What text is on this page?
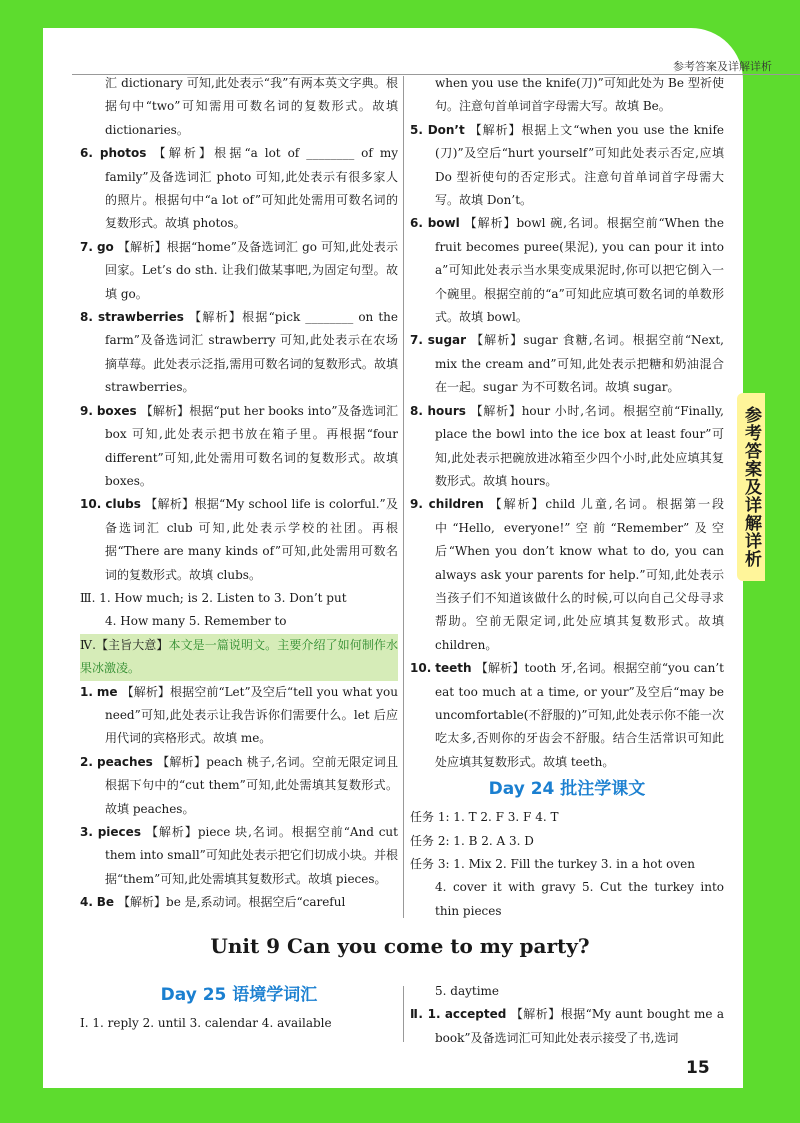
参考答案及详解详析
参考答案及详解详析

汇 dictionary 可知,此处表示“我”有两本英文字典。根据句中“two”可知需用可数名词的复数形式。故填 dictionaries。

6. photos 【解析】根据“a lot of ________ of my family”及备选词汇 photo 可知,此处表示有很多家人的照片。根据句中“a lot of”可知此处需用可数名词的复数形式。故填 photos。

7. go 【解析】根据“home”及备选词汇 go 可知,此处表示回家。Let’s do sth. 让我们做某事吧,为固定句型。故填 go。

8. strawberries 【解析】根据“pick ________ on the farm”及备选词汇 strawberry 可知,此处表示在农场摘草莓。此处表示泛指,需用可数名词的复数形式。故填 strawberries。

9. boxes 【解析】根据“put her books into”及备选词汇 box 可知,此处表示把书放在箱子里。再根据“four different”可知,此处需用可数名词的复数形式。故填 boxes。

10. clubs 【解析】根据“My school life is colorful.”及备选词汇 club 可知,此处表示学校的社团。再根据“There are many kinds of”可知,此处需用可数名词的复数形式。故填 clubs。

Ⅲ. 1. How much; is 2. Listen to 3. Don’t put

4. How many 5. Remember to

Ⅳ.【主旨大意】本文是一篇说明文。主要介绍了如何制作水果冰激凌。

1. me 【解析】根据空前“Let”及空后“tell you what you need”可知,此处表示让我告诉你们需要什么。let 后应用代词的宾格形式。故填 me。

2. peaches 【解析】peach 桃子,名词。空前无限定词且根据下句中的“cut them”可知,此处需填其复数形式。故填 peaches。

3. pieces 【解析】piece 块,名词。根据空前“And cut them into small”可知此处表示把它们切成小块。并根据“them”可知,此处需填其复数形式。故填 pieces。

4. Be 【解析】be 是,系动词。根据空后“careful

when you use the knife(刀)”可知此处为 Be 型祈使句。注意句首单词首字母需大写。故填 Be。

5. Don’t 【解析】根据上文“when you use the knife (刀)”及空后“hurt yourself”可知此处表示否定,应填 Do 型祈使句的否定形式。注意句首单词首字母需大写。故填 Don’t。

6. bowl 【解析】bowl 碗,名词。根据空前“When the fruit becomes puree(果泥), you can pour it into a”可知此处表示当水果变成果泥时,你可以把它倒入一个碗里。根据空前的“a”可知此应填可数名词的单数形式。故填 bowl。

7. sugar 【解析】sugar 食糖,名词。根据空前“Next, mix the cream and”可知,此处表示把糖和奶油混合在一起。sugar 为不可数名词。故填 sugar。

8. hours 【解析】hour 小时,名词。根据空前“Finally, place the bowl into the ice box at least four”可知,此处表示把碗放进冰箱至少四个小时,此处应填其复数形式。故填 hours。

9. children 【解析】child 儿童,名词。根据第一段中“Hello, everyone!”空前“Remember”及空后“When you don’t know what to do, you can always ask your parents for help.”可知,此处表示当孩子们不知道该做什么的时候,可以向自己父母寻求帮助。空前无限定词,此处应填其复数形式。故填 children。

10. teeth 【解析】tooth 牙,名词。根据空前“you can’t eat too much at a time, or your”及空后“may be uncomfortable(不舒服的)”可知,此处表示你不能一次吃太多,否则你的牙齿会不舒服。结合生活常识可知此处应填其复数形式。故填 teeth。

Day 24 批注学课文

任务 1: 1. T 2. F 3. F 4. T

任务 2: 1. B 2. A 3. D

任务 3: 1. Mix 2. Fill the turkey 3. in a hot oven

4. cover it with gravy 5. Cut the turkey into thin pieces

Unit 9 Can you come to my party?
Day 25 语境学词汇

Ⅰ. 1. reply 2. until 3. calendar 4. available

5. daytime

Ⅱ. 1. accepted 【解析】根据“My aunt bought me a book”及备选词汇可知此处表示接受了书,选词

15
